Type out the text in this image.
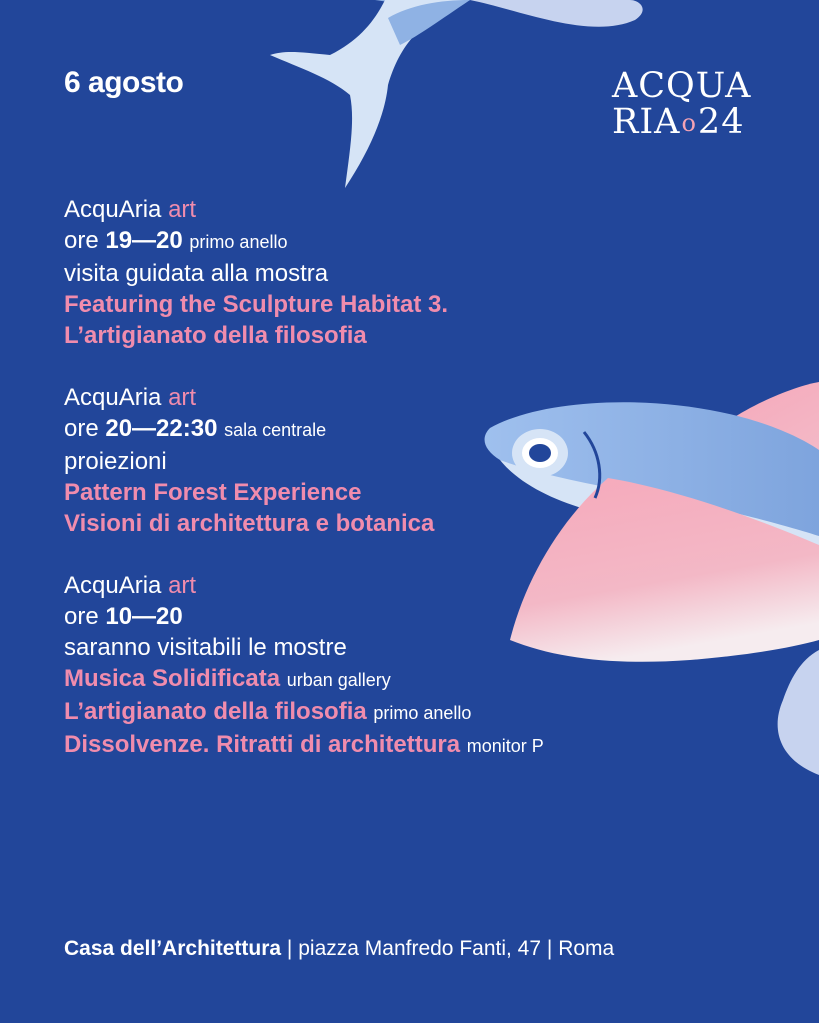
6 agosto	ACQUA
RIAo24
AcquAria art
ore 19—20 primo anello
visita guidata alla mostra
Featuring the Sculpture Habitat 3.
L’artigianato della filosofia
AcquAria art
ore 20—22:30 sala centrale
proiezioni
Pattern Forest Experience
Visioni di architettura e botanica
AcquAria art
ore 10—20
saranno visitabili le mostre
Musica Solidificata urban gallery
L’artigianato della filosofia primo anello
Dissolvenze. Ritratti di architettura monitor P
Casa dell’Architettura | piazza Manfredo Fanti, 47 | Roma
